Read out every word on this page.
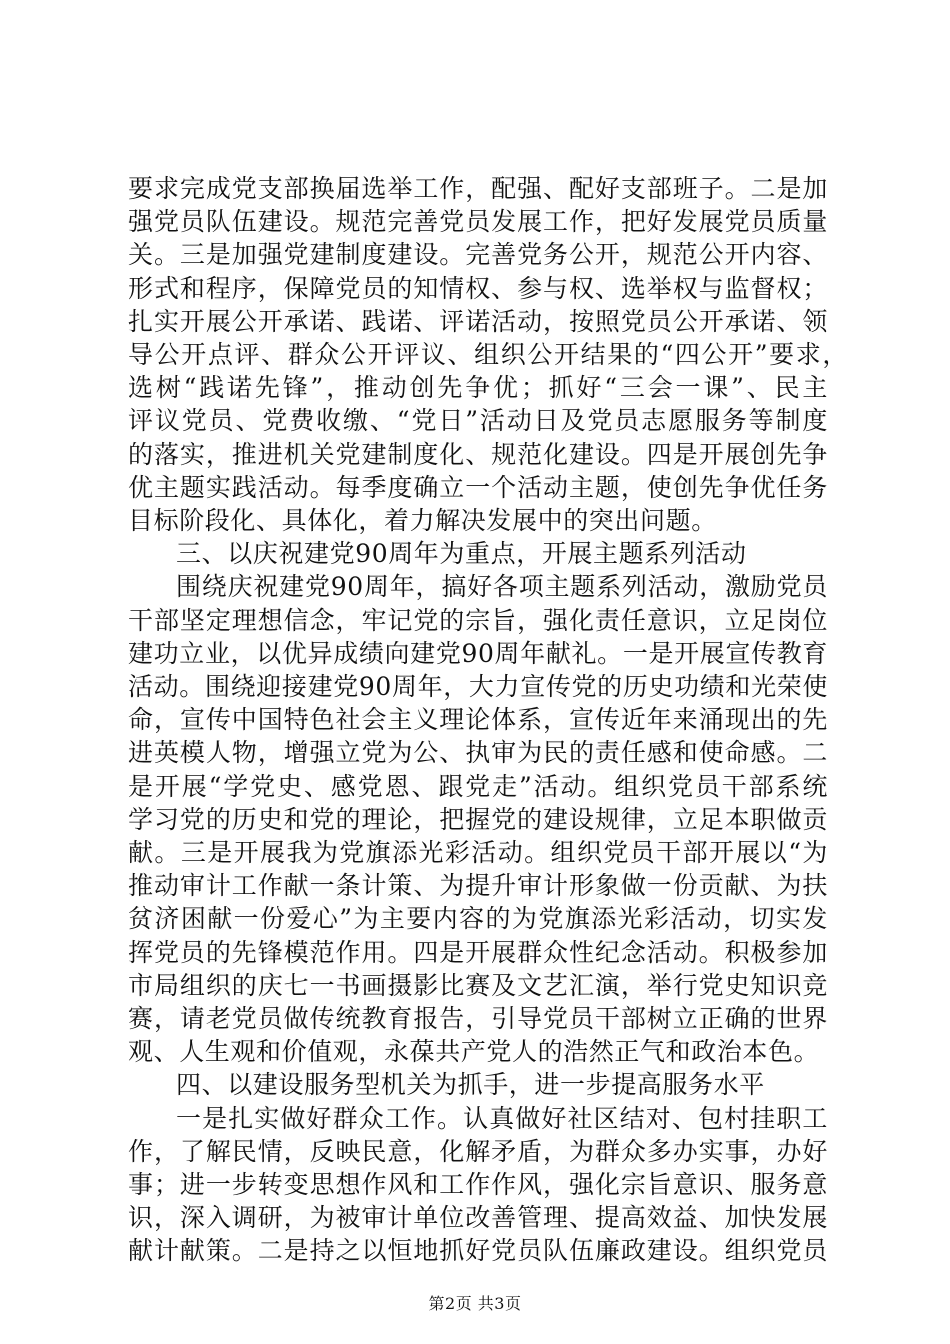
要求完成党支部换届选举工作，配强、配好支部班子。二是加
强党员队伍建设。规范完善党员发展工作，把好发展党员质量
关。三是加强党建制度建设。完善党务公开，规范公开内容、
形式和程序，保障党员的知情权、参与权、选举权与监督权；
扎实开展公开承诺、践诺、评诺活动，按照党员公开承诺、领
导公开点评、群众公开评议、组织公开结果的“四公开”要求，
选树“践诺先锋”，推动创先争优；抓好“三会一课”、民主
评议党员、党费收缴、“党日”活动日及党员志愿服务等制度
的落实，推进机关党建制度化、规范化建设。四是开展创先争
优主题实践活动。每季度确立一个活动主题，使创先争优任务
目标阶段化、具体化，着力解决发展中的突出问题。
三、以庆祝建党90周年为重点，开展主题系列活动
围绕庆祝建党90周年，搞好各项主题系列活动，激励党员
干部坚定理想信念，牢记党的宗旨，强化责任意识，立足岗位
建功立业，以优异成绩向建党90周年献礼。一是开展宣传教育
活动。围绕迎接建党90周年，大力宣传党的历史功绩和光荣使
命，宣传中国特色社会主义理论体系，宣传近年来涌现出的先
进英模人物，增强立党为公、执审为民的责任感和使命感。二
是开展“学党史、感党恩、跟党走”活动。组织党员干部系统
学习党的历史和党的理论，把握党的建设规律，立足本职做贡
献。三是开展我为党旗添光彩活动。组织党员干部开展以“为
推动审计工作献一条计策、为提升审计形象做一份贡献、为扶
贫济困献一份爱心”为主要内容的为党旗添光彩活动，切实发
挥党员的先锋模范作用。四是开展群众性纪念活动。积极参加
市局组织的庆七一书画摄影比赛及文艺汇演，举行党史知识竞
赛，请老党员做传统教育报告，引导党员干部树立正确的世界
观、人生观和价值观，永葆共产党人的浩然正气和政治本色。
四、以建设服务型机关为抓手，进一步提高服务水平
一是扎实做好群众工作。认真做好社区结对、包村挂职工
作，了解民情，反映民意，化解矛盾，为群众多办实事，办好
事；进一步转变思想作风和工作作风，强化宗旨意识、服务意
识，深入调研，为被审计单位改善管理、提高效益、加快发展
献计献策。二是持之以恒地抓好党员队伍廉政建设。组织党员
第2页 共3页
